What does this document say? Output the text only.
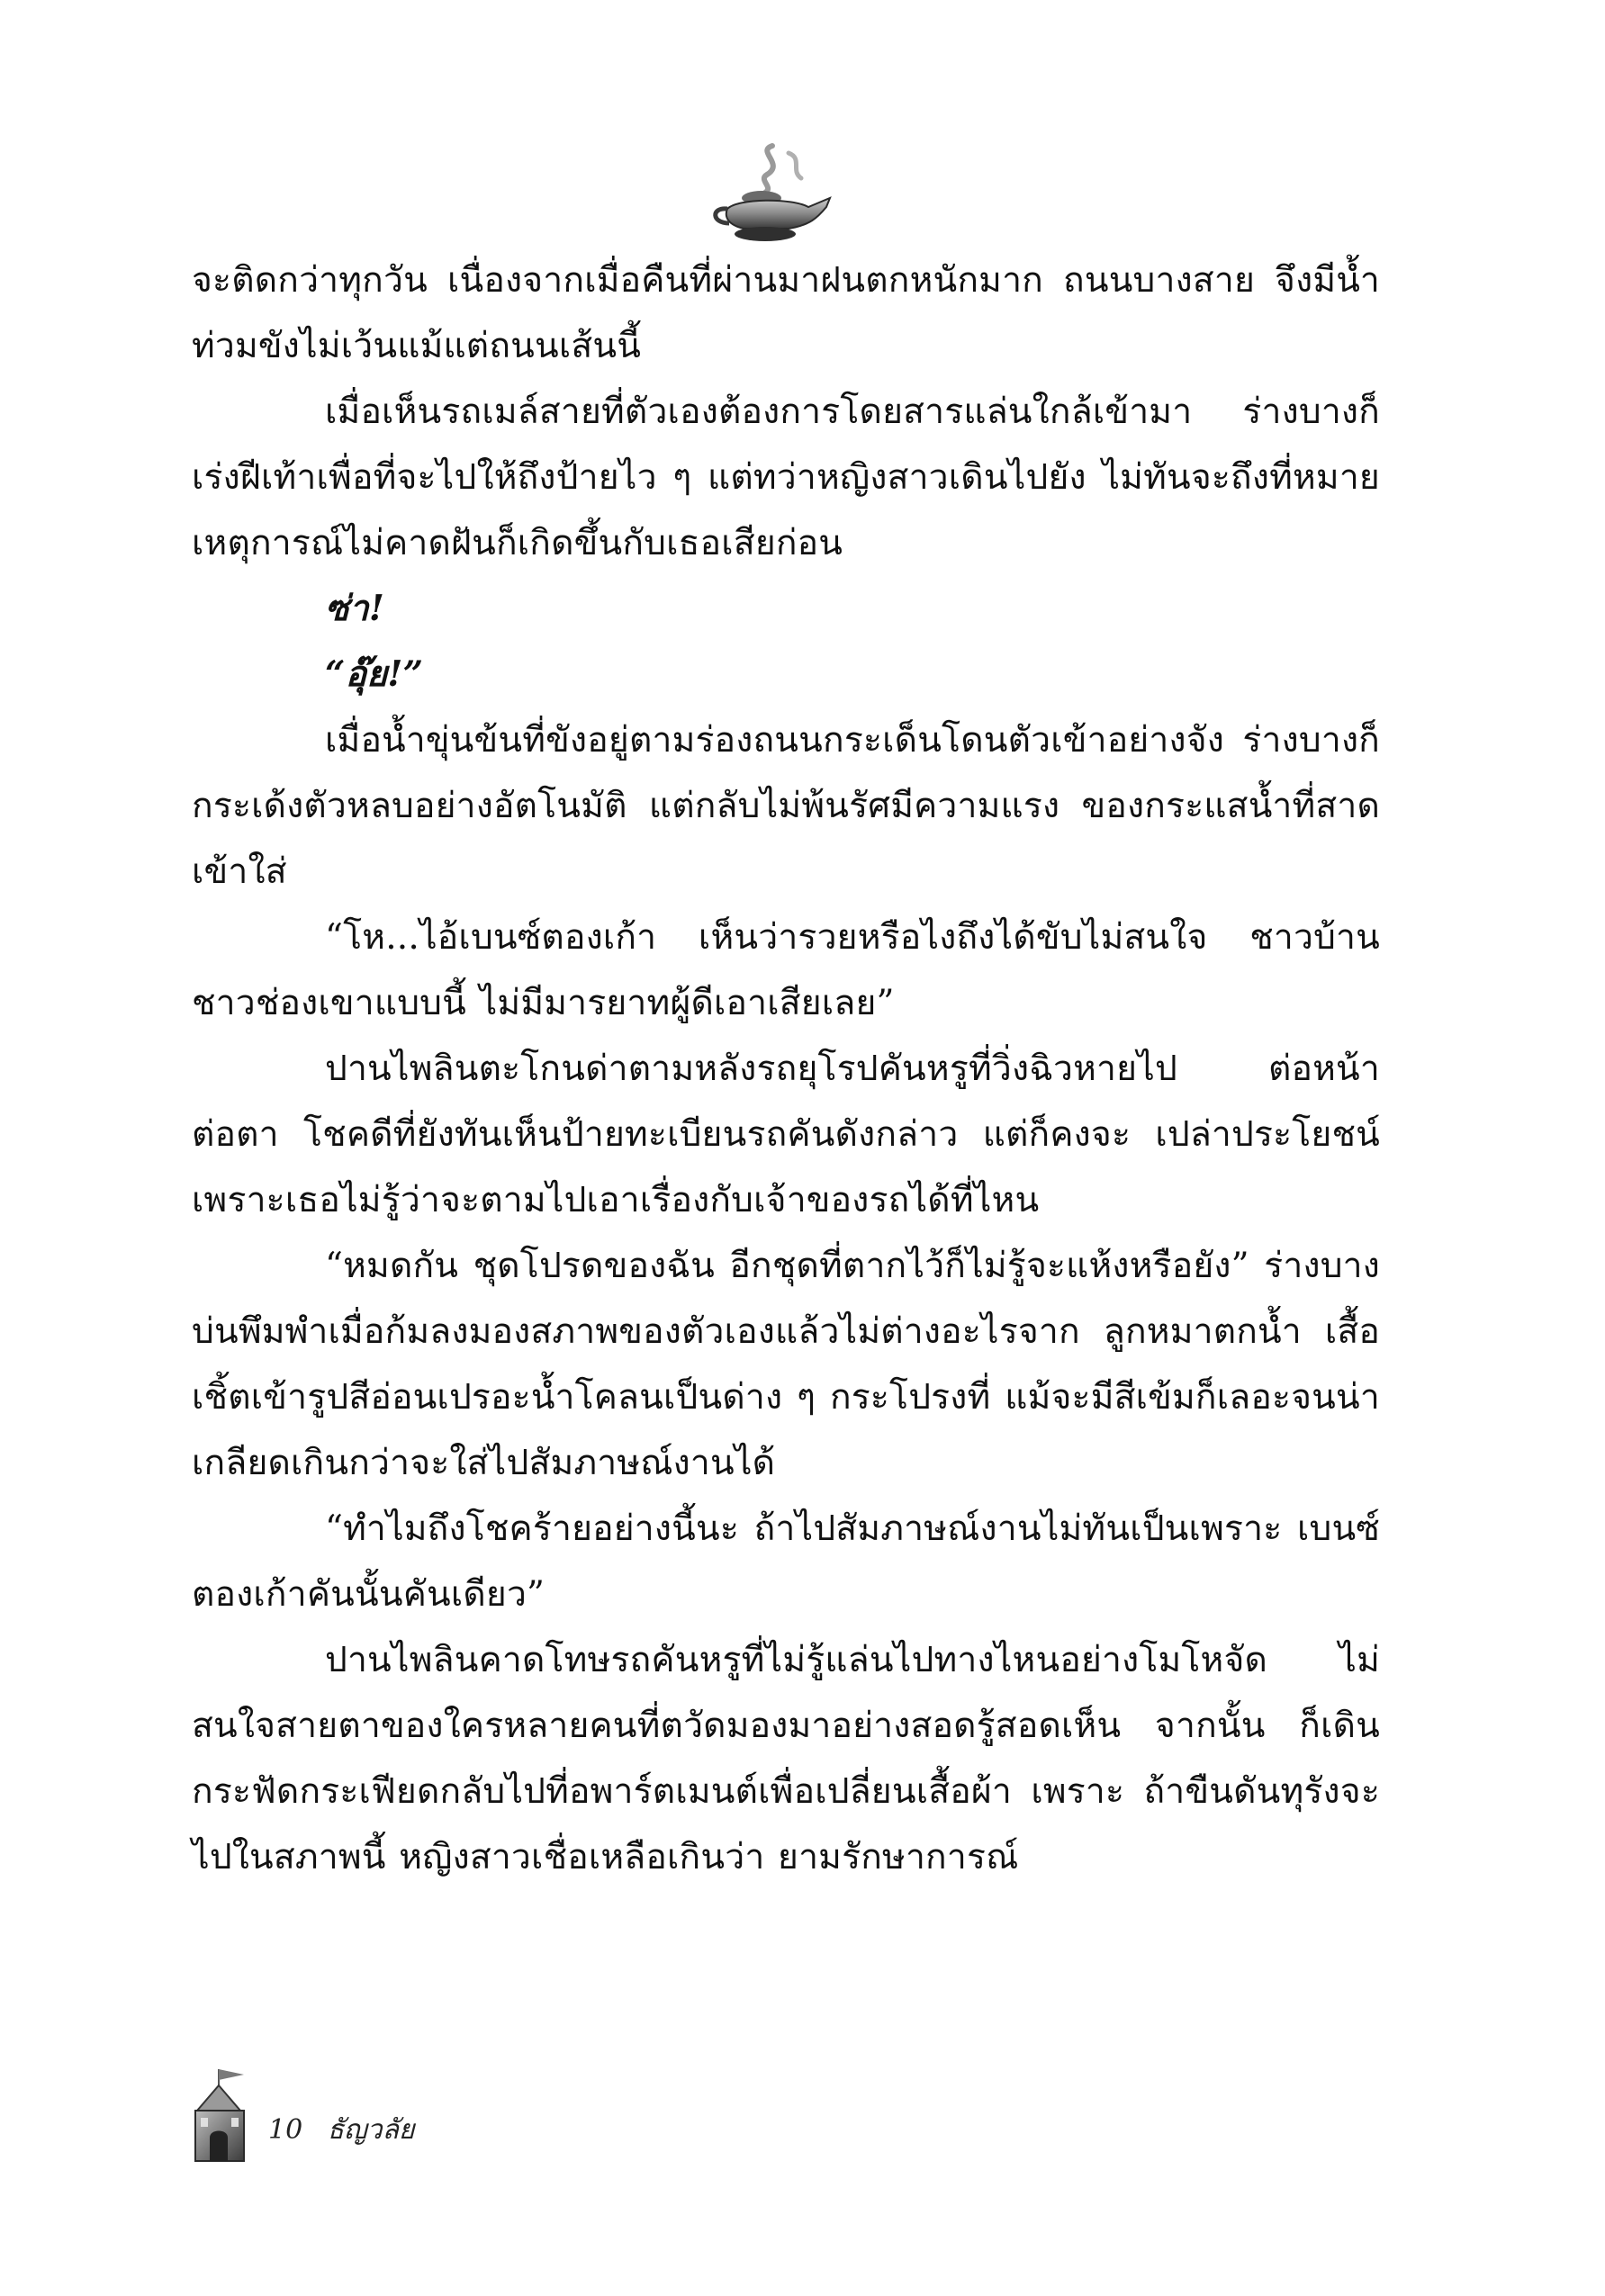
จะติดกว่าทุกวัน เนื่องจากเมื่อคืนที่ผ่านมาฝนตกหนักมาก ถนนบางสาย จึงมีน้ำท่วมขังไม่เว้นแม้แต่ถนนเส้นนี้

เมื่อเห็นรถเมล์สายที่ตัวเองต้องการโดยสารแล่นใกล้เข้ามา ร่างบางก็เร่งฝีเท้าเพื่อที่จะไปให้ถึงป้ายไว ๆ แต่ทว่าหญิงสาวเดินไปยัง ไม่ทันจะถึงที่หมาย เหตุการณ์ไม่คาดฝันก็เกิดขึ้นกับเธอเสียก่อน

ซ่า!

“อุ๊ย!”

เมื่อน้ำขุ่นข้นที่ขังอยู่ตามร่องถนนกระเด็นโดนตัวเข้าอย่างจัง ร่างบางก็กระเด้งตัวหลบอย่างอัตโนมัติ แต่กลับไม่พ้นรัศมีความแรง ของกระแสน้ำที่สาดเข้าใส่

“โห...ไอ้เบนซ์ตองเก้า เห็นว่ารวยหรือไงถึงได้ขับไม่สนใจ ชาวบ้านชาวช่องเขาแบบนี้ ไม่มีมารยาทผู้ดีเอาเสียเลย”

ปานไพลินตะโกนด่าตามหลังรถยุโรปคันหรูที่วิ่งฉิวหายไป ต่อหน้าต่อตา โชคดีที่ยังทันเห็นป้ายทะเบียนรถคันดังกล่าว แต่ก็คงจะ เปล่าประโยชน์ เพราะเธอไม่รู้ว่าจะตามไปเอาเรื่องกับเจ้าของรถได้ที่ไหน

“หมดกัน ชุดโปรดของฉัน อีกชุดที่ตากไว้ก็ไม่รู้จะแห้งหรือยัง” ร่างบางบ่นพึมพำเมื่อก้มลงมองสภาพของตัวเองแล้วไม่ต่างอะไรจาก ลูกหมาตกน้ำ เสื้อเชิ้ตเข้ารูปสีอ่อนเปรอะน้ำโคลนเป็นด่าง ๆ กระโปรงที่ แม้จะมีสีเข้มก็เลอะจนน่าเกลียดเกินกว่าจะใส่ไปสัมภาษณ์งานได้

“ทำไมถึงโชคร้ายอย่างนี้นะ ถ้าไปสัมภาษณ์งานไม่ทันเป็นเพราะ เบนซ์ตองเก้าคันนั้นคันเดียว”

ปานไพลินคาดโทษรถคันหรูที่ไม่รู้แล่นไปทางไหนอย่างโมโหจัด ไม่สนใจสายตาของใครหลายคนที่ตวัดมองมาอย่างสอดรู้สอดเห็น จากนั้น ก็เดินกระฟัดกระเฟียดกลับไปที่อพาร์ตเมนต์เพื่อเปลี่ยนเสื้อผ้า เพราะ ถ้าขืนดันทุรังจะไปในสภาพนี้ หญิงสาวเชื่อเหลือเกินว่า ยามรักษาการณ์

10 ธัญวลัย
